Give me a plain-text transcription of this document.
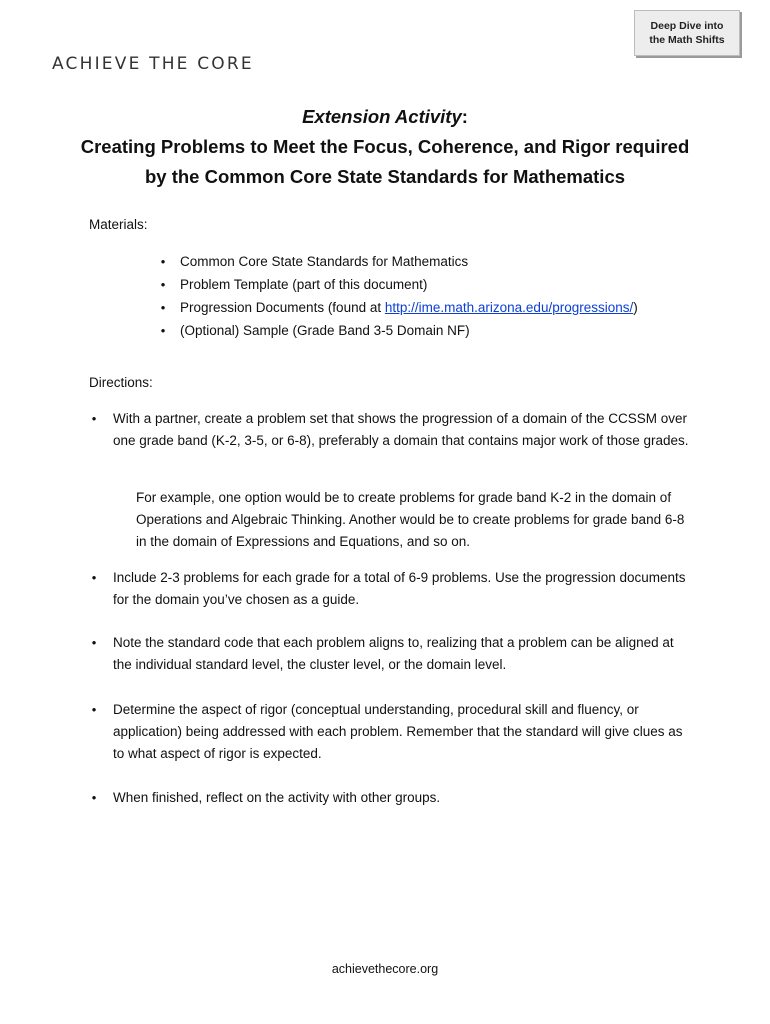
Deep Dive into
the Math Shifts
ACHIEVE THE CORE
Extension Activity:
Creating Problems to Meet the Focus, Coherence, and Rigor required
by the Common Core State Standards for Mathematics
Materials:
• Common Core State Standards for Mathematics
• Problem Template (part of this document)
• Progression Documents (found at http://ime.math.arizona.edu/progressions/)
• (Optional) Sample (Grade Band 3-5 Domain NF)
Directions:
• With a partner, create a problem set that shows the progression of a domain of the CCSSM over one grade band (K-2, 3-5, or 6-8), preferably a domain that contains major work of those grades.
For example, one option would be to create problems for grade band K-2 in the domain of Operations and Algebraic Thinking. Another would be to create problems for grade band 6-8 in the domain of Expressions and Equations, and so on.
• Include 2-3 problems for each grade for a total of 6-9 problems. Use the progression documents for the domain you’ve chosen as a guide.
• Note the standard code that each problem aligns to, realizing that a problem can be aligned at the individual standard level, the cluster level, or the domain level.
• Determine the aspect of rigor (conceptual understanding, procedural skill and fluency, or application) being addressed with each problem. Remember that the standard will give clues as to what aspect of rigor is expected.
• When finished, reflect on the activity with other groups.
achievethecore.org
